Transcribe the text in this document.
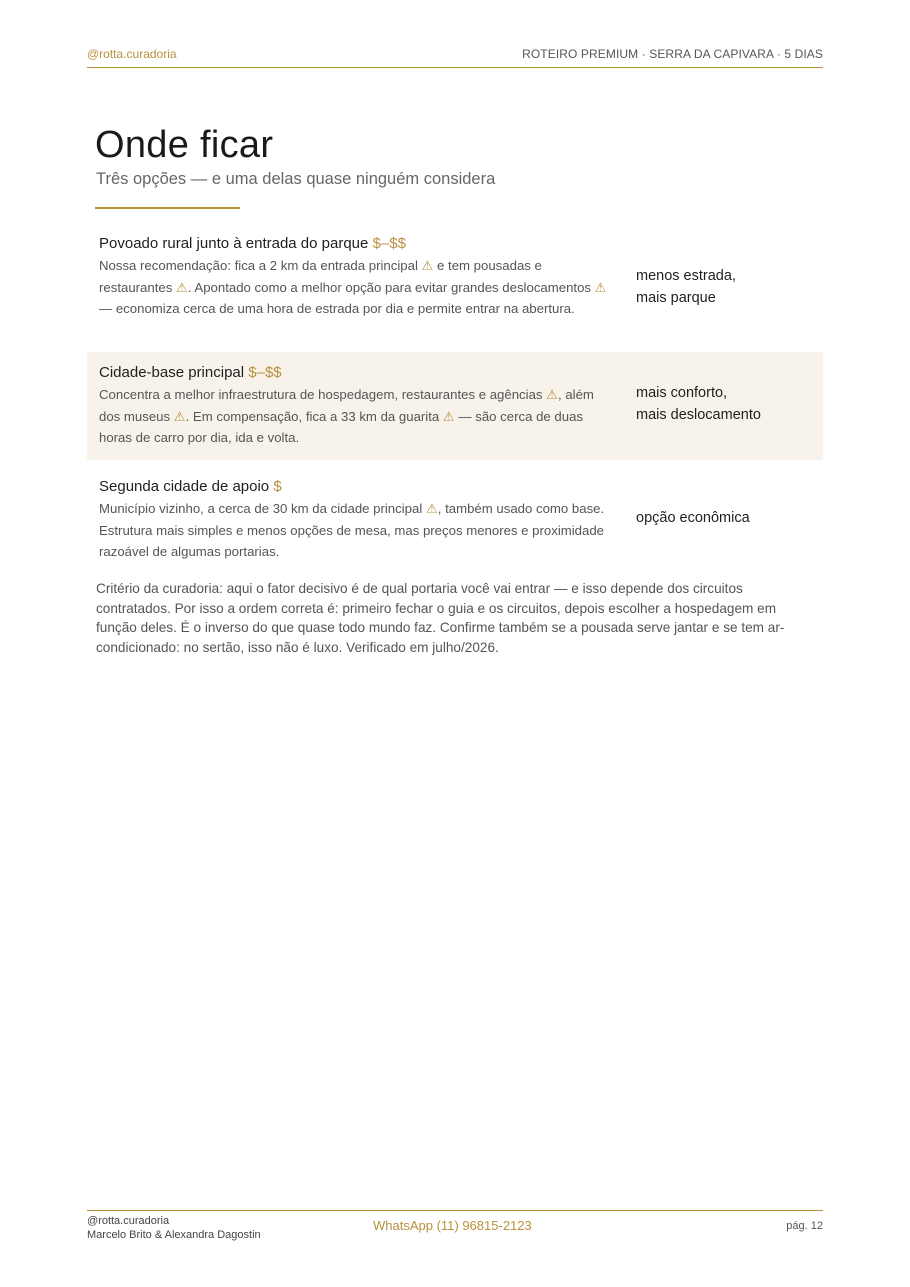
@rotta.curadoria	ROTEIRO PREMIUM · SERRA DA CAPIVARA · 5 DIAS
Onde ficar

Três opções — e uma delas quase ninguém considera

Povoado rural junto à entrada do parque $–$$

Nossa recomendação: fica a 2 km da entrada principal ⚠ e tem pousadas e restaurantes ⚠. Apontado como a melhor opção para evitar grandes deslocamentos ⚠ — economiza cerca de uma hora de estrada por dia e permite entrar na abertura.

menos estrada,
mais parque

Cidade-base principal $–$$

Concentra a melhor infraestrutura de hospedagem, restaurantes e agências ⚠, além dos museus ⚠. Em compensação, fica a 33 km da guarita ⚠ — são cerca de duas horas de carro por dia, ida e volta.

mais conforto,
mais deslocamento

Segunda cidade de apoio $

Município vizinho, a cerca de 30 km da cidade principal ⚠, também usado como base. Estrutura mais simples e menos opções de mesa, mas preços menores e proximidade razoável de algumas portarias.

opção econômica

Critério da curadoria: aqui o fator decisivo é de qual portaria você vai entrar — e isso depende dos circuitos contratados. Por isso a ordem correta é: primeiro fechar o guia e os circuitos, depois escolher a hospedagem em função deles. É o inverso do que quase todo mundo faz. Confirme também se a pousada serve jantar e se tem ar-condicionado: no sertão, isso não é luxo. Verificado em julho/2026.

@rotta.curadoria
Marcelo Brito & Alexandra Dagostin
WhatsApp (11) 96815-2123	pág. 12
